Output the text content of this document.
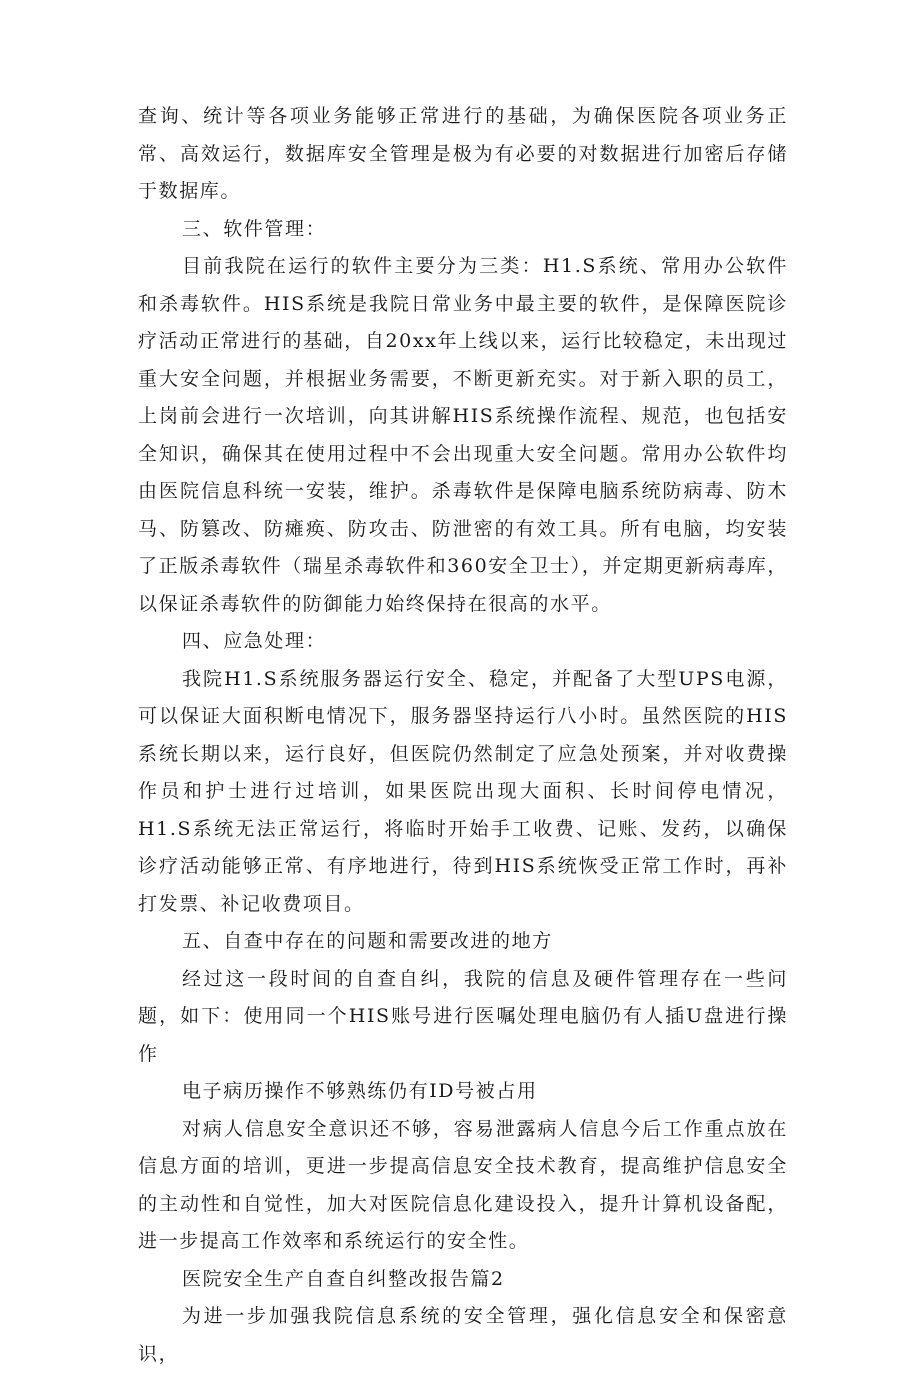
查询、统计等各项业务能够正常进行的基础，为确保医院各项业务正常、高效运行，数据库安全管理是极为有必要的对数据进行加密后存储于数据库。

三、软件管理：

目前我院在运行的软件主要分为三类：H1.S系统、常用办公软件和杀毒软件。HIS系统是我院日常业务中最主要的软件，是保障医院诊疗活动正常进行的基础，自20xx年上线以来，运行比较稳定，未出现过重大安全问题，并根据业务需要，不断更新充实。对于新入职的员工，上岗前会进行一次培训，向其讲解HIS系统操作流程、规范，也包括安全知识，确保其在使用过程中不会出现重大安全问题。常用办公软件均由医院信息科统一安装，维护。杀毒软件是保障电脑系统防病毒、防木马、防篡改、防瘫痪、防攻击、防泄密的有效工具。所有电脑，均安装了正版杀毒软件（瑞星杀毒软件和360安全卫士），并定期更新病毒库，以保证杀毒软件的防御能力始终保持在很高的水平。

四、应急处理：

我院H1.S系统服务器运行安全、稳定，并配备了大型UPS电源，可以保证大面积断电情况下，服务器坚持运行八小时。虽然医院的HIS系统长期以来，运行良好，但医院仍然制定了应急处预案，并对收费操作员和护士进行过培训，如果医院出现大面积、长时间停电情况，H1.S系统无法正常运行，将临时开始手工收费、记账、发药，以确保诊疗活动能够正常、有序地进行，待到HIS系统恢受正常工作时，再补打发票、补记收费项目。

五、自查中存在的问题和需要改进的地方

经过这一段时间的自查自纠，我院的信息及硬件管理存在一些问题，如下：使用同一个HIS账号进行医嘱处理电脑仍有人插U盘进行操作

电子病历操作不够熟练仍有ID号被占用

对病人信息安全意识还不够，容易泄露病人信息今后工作重点放在信息方面的培训，更进一步提高信息安全技术教育，提高维护信息安全的主动性和自觉性，加大对医院信息化建设投入，提升计算机设备配，进一步提高工作效率和系统运行的安全性。

医院安全生产自查自纠整改报告篇2

为进一步加强我院信息系统的安全管理，强化信息安全和保密意识，
